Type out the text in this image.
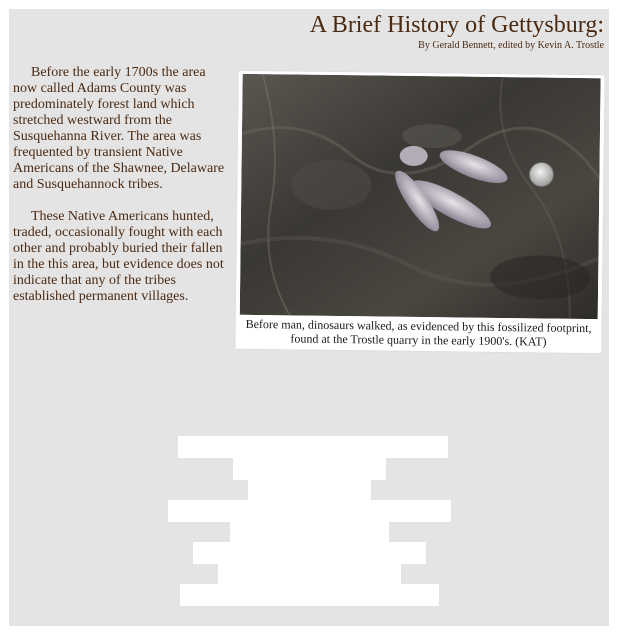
A Brief History of Gettysburg:
By Gerald Bennett, edited by Kevin A. Trostle

Before the early 1700s the area now called Adams County was predominately forest land which stretched westward from the Susquehanna River. The area was frequented by transient Native Americans of the Shawnee, Delaware and Susquehannock tribes.

These Native Americans hunted, traded, occasionally fought with each other and probably buried their fallen in the this area, but evidence does not indicate that any of the tribes established permanent villages.

Before man, dinosaurs walked, as evidenced by this fossilized footprint, found at the Trostle quarry in the early 1900's. (KAT)
